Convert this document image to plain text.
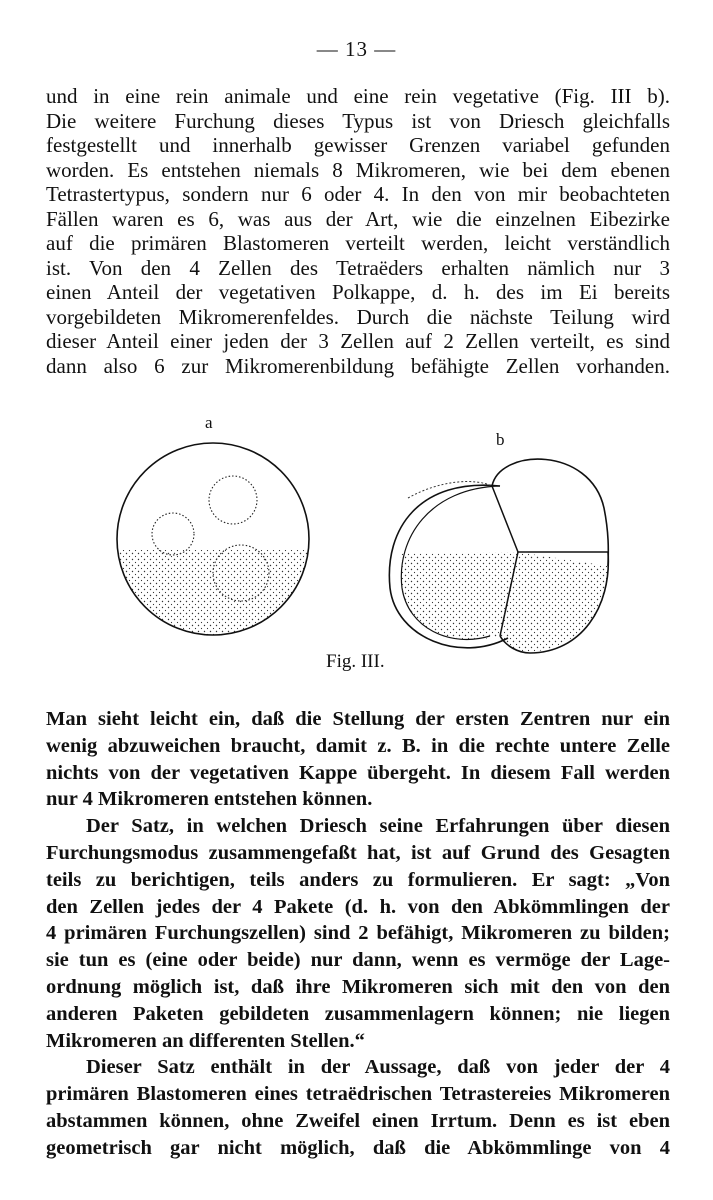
— 13 —
und in eine rein animale und eine rein vegetative (Fig. III b).
Die weitere Furchung dieses Typus ist von Driesch gleichfalls
festgestellt und innerhalb gewisser Grenzen variabel gefunden
worden. Es entstehen niemals 8 Mikromeren, wie bei dem ebenen
Tetrastertypus, sondern nur 6 oder 4. In den von mir beobachteten
Fällen waren es 6, was aus der Art, wie die einzelnen Eibezirke
auf die primären Blastomeren verteilt werden, leicht verständlich
ist. Von den 4 Zellen des Tetraëders erhalten nämlich nur 3
einen Anteil der vegetativen Polkappe, d. h. des im Ei bereits
vorgebildeten Mikromerenfeldes. Durch die nächste Teilung wird
dieser Anteil einer jeden der 3 Zellen auf 2 Zellen verteilt, es sind
dann also 6 zur Mikromerenbildung befähigte Zellen vorhanden.
a
b
Fig. III.
Man sieht leicht ein, daß die Stellung der ersten Zentren nur ein
wenig abzuweichen braucht, damit z. B. in die rechte untere Zelle
nichts von der vegetativen Kappe übergeht. In diesem Fall werden
nur 4 Mikromeren entstehen können.
Der Satz, in welchen Driesch seine Erfahrungen über diesen
Furchungsmodus zusammengefaßt hat, ist auf Grund des Gesagten
teils zu berichtigen, teils anders zu formulieren. Er sagt: „Von
den Zellen jedes der 4 Pakete (d. h. von den Abkömmlingen der
4 primären Furchungszellen) sind 2 befähigt, Mikromeren zu bilden;
sie tun es (eine oder beide) nur dann, wenn es vermöge der Lage-
ordnung möglich ist, daß ihre Mikromeren sich mit den von den
anderen Paketen gebildeten zusammenlagern können; nie liegen
Mikromeren an differenten Stellen.“
Dieser Satz enthält in der Aussage, daß von jeder der 4
primären Blastomeren eines tetraëdrischen Tetrastereies Mikromeren
abstammen können, ohne Zweifel einen Irrtum. Denn es ist eben
geometrisch gar nicht möglich, daß die Abkömmlinge von 4
